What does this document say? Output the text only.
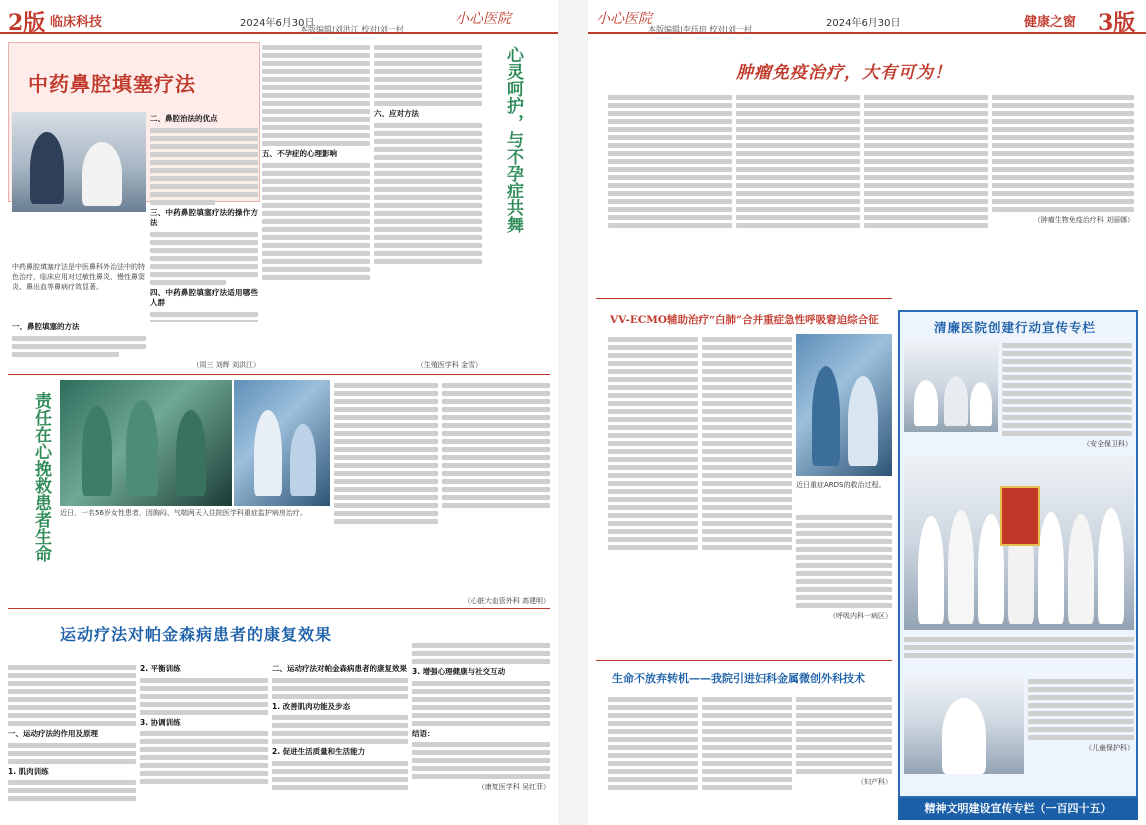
2版 临床科技	2024年6月30日	小心医院
本版编辑|刘洪江 校对|刘一村
中药鼻腔填塞疗法
二、鼻腔治法的优点
三、中药鼻腔填塞疗法的操作方法
四、中药鼻腔填塞疗法适用哪些人群
中药鼻腔填塞疗法是中医鼻科外治法中的特色治疗，临床应用对过敏性鼻炎、慢性鼻窦炎、鼻出血等鼻病疗效显著。
一、鼻腔填塞的方法
五、不孕症的心理影响
六、应对方法	心灵呵护，与不孕症共舞
（周三 刘辉 刘洪江）	（生殖医学科 金雪）
责任在心挽救患者生命 近日，一名56岁女性患者，因胸闷、气喘两天入住院医学科重症监护病房治疗。
（心脏大血管外科 高建明）
运动疗法对帕金森病患者的康复效果
一、运动疗法的作用及原理
1. 肌肉训练
2. 平衡训练
3. 协调训练
二、运动疗法对帕金森病患者的康复效果
1. 改善肌肉功能及步态
2. 促进生活质量和生活能力
3. 增强心理健康与社交互动
结语：
（康复医学科 吴红菲）
小心医院	2024年6月30日
本版编辑|李珏瑄 校对|刘一村	健康之窗 3版
肿瘤免疫治疗，大有可为！
（肿瘤生物免疫治疗科 刘丽娜）
VV-ECMO辅助治疗“白肺”合并重症急性呼吸窘迫综合征
近日重症ARDS的救治过程。
（呼吸内科一病区）
生命不放弃转机——我院引进妇科金属微创外科技术
（妇产科）
清廉医院创建行动宣传专栏
（安全保卫科）
（儿童保护科）
精神文明建设宣传专栏（一百四十五）
